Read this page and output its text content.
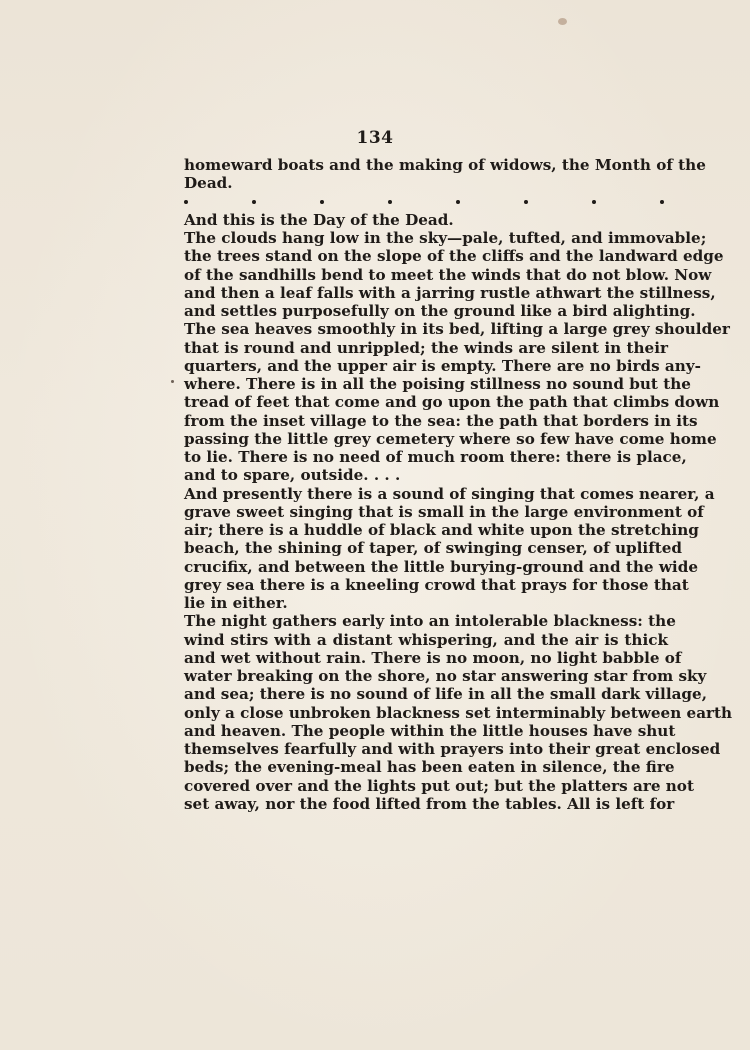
134
homeward boats and the making of widows, the Month of the
Dead.
And this is the Day of the Dead.
The clouds hang low in the sky—pale, tufted, and immovable;
the trees stand on the slope of the cliffs and the landward edge
of the sandhills bend to meet the winds that do not blow. Now
and then a leaf falls with a jarring rustle athwart the stillness,
and settles purposefully on the ground like a bird alighting.
The sea heaves smoothly in its bed, lifting a large grey shoulder
that is round and unrippled; the winds are silent in their
quarters, and the upper air is empty. There are no birds any-
where. There is in all the poising stillness no sound but the
tread of feet that come and go upon the path that climbs down
from the inset village to the sea: the path that borders in its
passing the little grey cemetery where so few have come home
to lie. There is no need of much room there: there is place,
and to spare, outside. . . .
And presently there is a sound of singing that comes nearer, a
grave sweet singing that is small in the large environment of
air; there is a huddle of black and white upon the stretching
beach, the shining of taper, of swinging censer, of uplifted
crucifix, and between the little burying-ground and the wide
grey sea there is a kneeling crowd that prays for those that
lie in either.
The night gathers early into an intolerable blackness: the
wind stirs with a distant whispering, and the air is thick
and wet without rain. There is no moon, no light babble of
water breaking on the shore, no star answering star from sky
and sea; there is no sound of life in all the small dark village,
only a close unbroken blackness set interminably between earth
and heaven. The people within the little houses have shut
themselves fearfully and with prayers into their great enclosed
beds; the evening-meal has been eaten in silence, the fire
covered over and the lights put out; but the platters are not
set away, nor the food lifted from the tables. All is left for
